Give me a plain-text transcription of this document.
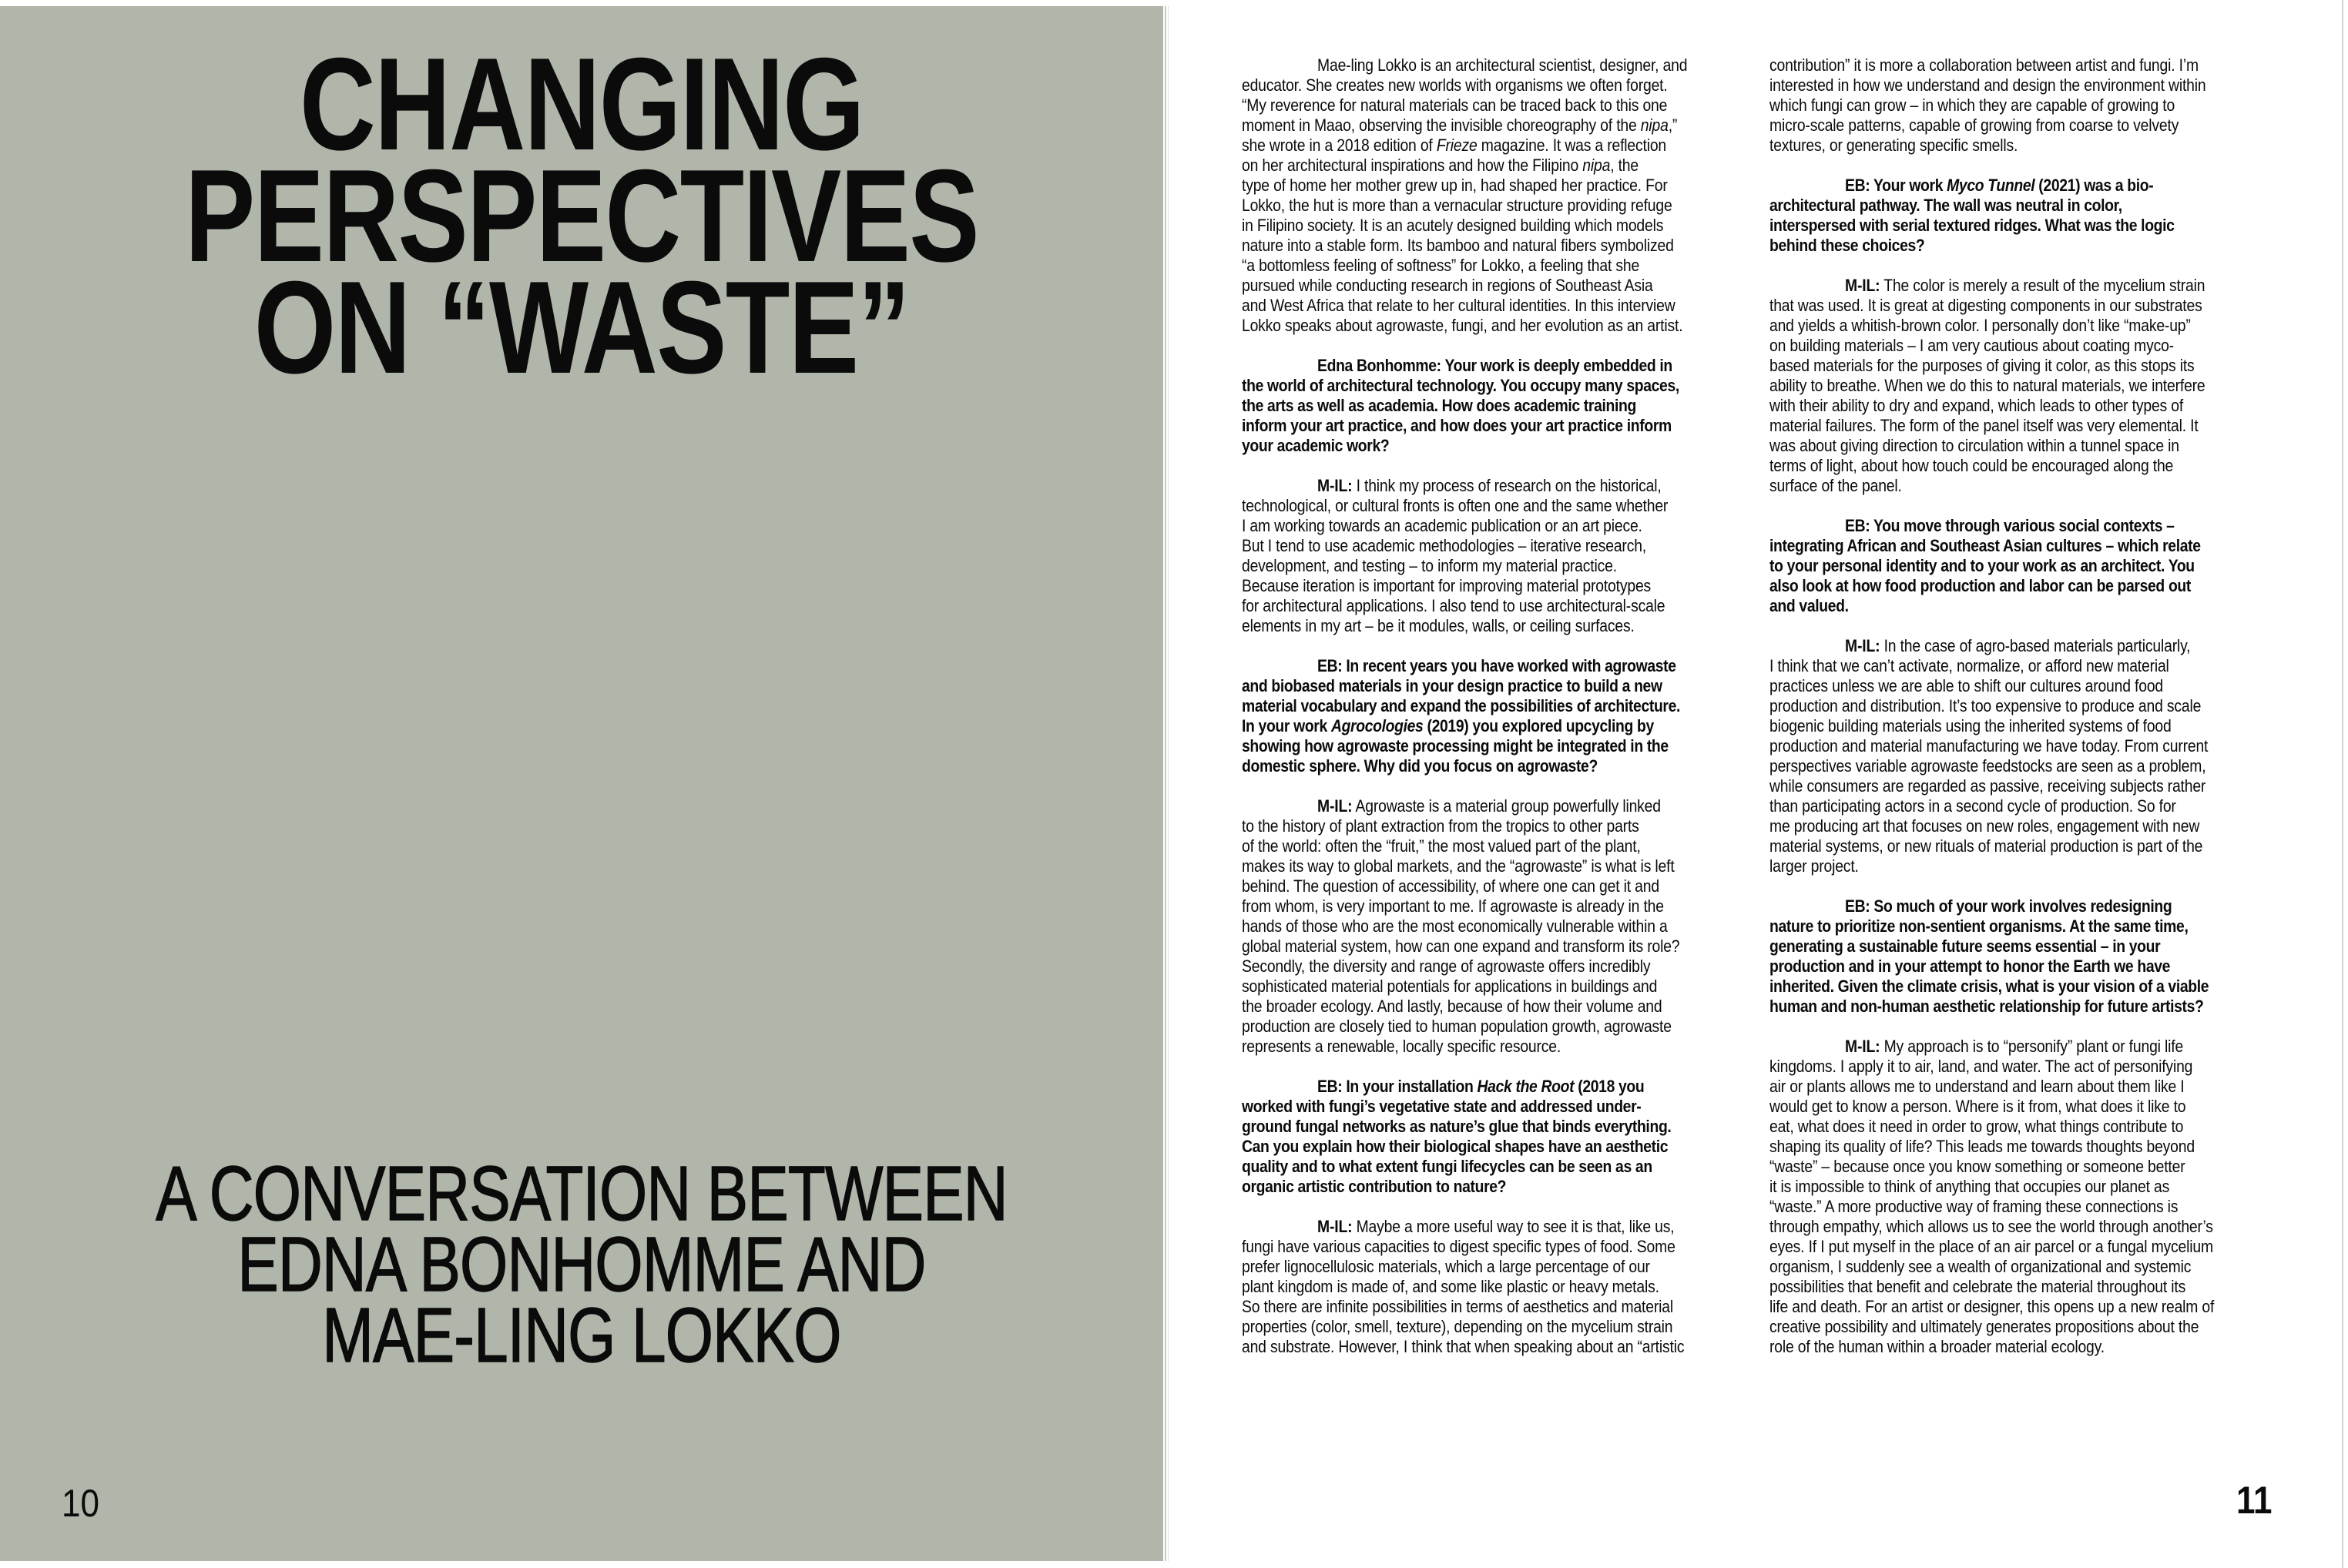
CHANGING
PERSPECTIVES
ON “WASTE”
A CONVERSATION BETWEEN
EDNA BONHOMME AND
MAE-LING LOKKO
10
Mae-ling Lokko is an architectural scientist, designer, and
educator. She creates new worlds with organisms we often forget.
“My reverence for natural materials can be traced back to this one
moment in Maao, observing the invisible choreography of the nipa,”
she wrote in a 2018 edition of Frieze magazine. It was a reflection
on her architectural inspirations and how the Filipino nipa, the
type of home her mother grew up in, had shaped her practice. For
Lokko, the hut is more than a vernacular structure providing refuge
in Filipino society. It is an acutely designed building which models
nature into a stable form. Its bamboo and natural fibers symbolized
“a bottomless feeling of softness” for Lokko, a feeling that she
pursued while conducting research in regions of Southeast Asia
and West Africa that relate to her cultural identities. In this interview
Lokko speaks about agrowaste, fungi, and her evolution as an artist.
Edna Bonhomme: Your work is deeply embedded in
the world of architectural technology. You occupy many spaces,
the arts as well as academia. How does academic training
inform your art practice, and how does your art practice inform
your academic work?
M-IL: I think my process of research on the historical,
technological, or cultural fronts is often one and the same whether
I am working towards an academic publication or an art piece.
But I tend to use academic methodologies – iterative research,
development, and testing – to inform my material practice.
Because iteration is important for improving material prototypes
for architectural applications. I also tend to use architectural-scale
elements in my art – be it modules, walls, or ceiling surfaces.
EB: In recent years you have worked with agrowaste
and biobased materials in your design practice to build a new
material vocabulary and expand the possibilities of architecture.
In your work Agrocologies (2019) you explored upcycling by
showing how agrowaste processing might be integrated in the
domestic sphere. Why did you focus on agrowaste?
M-IL: Agrowaste is a material group powerfully linked
to the history of plant extraction from the tropics to other parts
of the world: often the “fruit,” the most valued part of the plant,
makes its way to global markets, and the “agrowaste” is what is left
behind. The question of accessibility, of where one can get it and
from whom, is very important to me. If agrowaste is already in the
hands of those who are the most economically vulnerable within a
global material system, how can one expand and transform its role?
Secondly, the diversity and range of agrowaste offers incredibly
sophisticated material potentials for applications in buildings and
the broader ecology. And lastly, because of how their volume and
production are closely tied to human population growth, agrowaste
represents a renewable, locally specific resource.
EB: In your installation Hack the Root (2018 you
worked with fungi’s vegetative state and addressed under-
ground fungal networks as nature’s glue that binds everything.
Can you explain how their biological shapes have an aesthetic
quality and to what extent fungi lifecycles can be seen as an
organic artistic contribution to nature?
M-IL: Maybe a more useful way to see it is that, like us,
fungi have various capacities to digest specific types of food. Some
prefer lignocellulosic materials, which a large percentage of our
plant kingdom is made of, and some like plastic or heavy metals.
So there are infinite possibilities in terms of aesthetics and material
properties (color, smell, texture), depending on the mycelium strain
and substrate. However, I think that when speaking about an “artistic
contribution” it is more a collaboration between artist and fungi. I’m
interested in how we understand and design the environment within
which fungi can grow – in which they are capable of growing to
micro-scale patterns, capable of growing from coarse to velvety
textures, or generating specific smells.
EB: Your work Myco Tunnel (2021) was a bio-
architectural pathway. The wall was neutral in color,
interspersed with serial textured ridges. What was the logic
behind these choices?
M-IL: The color is merely a result of the mycelium strain
that was used. It is great at digesting components in our substrates
and yields a whitish-brown color. I personally don’t like “make-up”
on building materials – I am very cautious about coating myco-
based materials for the purposes of giving it color, as this stops its
ability to breathe. When we do this to natural materials, we interfere
with their ability to dry and expand, which leads to other types of
material failures. The form of the panel itself was very elemental. It
was about giving direction to circulation within a tunnel space in
terms of light, about how touch could be encouraged along the
surface of the panel.
EB: You move through various social contexts –
integrating African and Southeast Asian cultures – which relate
to your personal identity and to your work as an architect. You
also look at how food production and labor can be parsed out
and valued.
M-IL: In the case of agro-based materials particularly,
I think that we can’t activate, normalize, or afford new material
practices unless we are able to shift our cultures around food
production and distribution. It’s too expensive to produce and scale
biogenic building materials using the inherited systems of food
production and material manufacturing we have today. From current
perspectives variable agrowaste feedstocks are seen as a problem,
while consumers are regarded as passive, receiving subjects rather
than participating actors in a second cycle of production. So for
me producing art that focuses on new roles, engagement with new
material systems, or new rituals of material production is part of the
larger project.
EB: So much of your work involves redesigning
nature to prioritize non-sentient organisms. At the same time,
generating a sustainable future seems essential – in your
production and in your attempt to honor the Earth we have
inherited. Given the climate crisis, what is your vision of a viable
human and non-human aesthetic relationship for future artists?
M-IL: My approach is to “personify” plant or fungi life
kingdoms. I apply it to air, land, and water. The act of personifying
air or plants allows me to understand and learn about them like I
would get to know a person. Where is it from, what does it like to
eat, what does it need in order to grow, what things contribute to
shaping its quality of life? This leads me towards thoughts beyond
“waste” – because once you know something or someone better
it is impossible to think of anything that occupies our planet as
“waste.” A more productive way of framing these connections is
through empathy, which allows us to see the world through another’s
eyes. If I put myself in the place of an air parcel or a fungal mycelium
organism, I suddenly see a wealth of organizational and systemic
possibilities that benefit and celebrate the material throughout its
life and death. For an artist or designer, this opens up a new realm of
creative possibility and ultimately generates propositions about the
role of the human within a broader material ecology.
11
